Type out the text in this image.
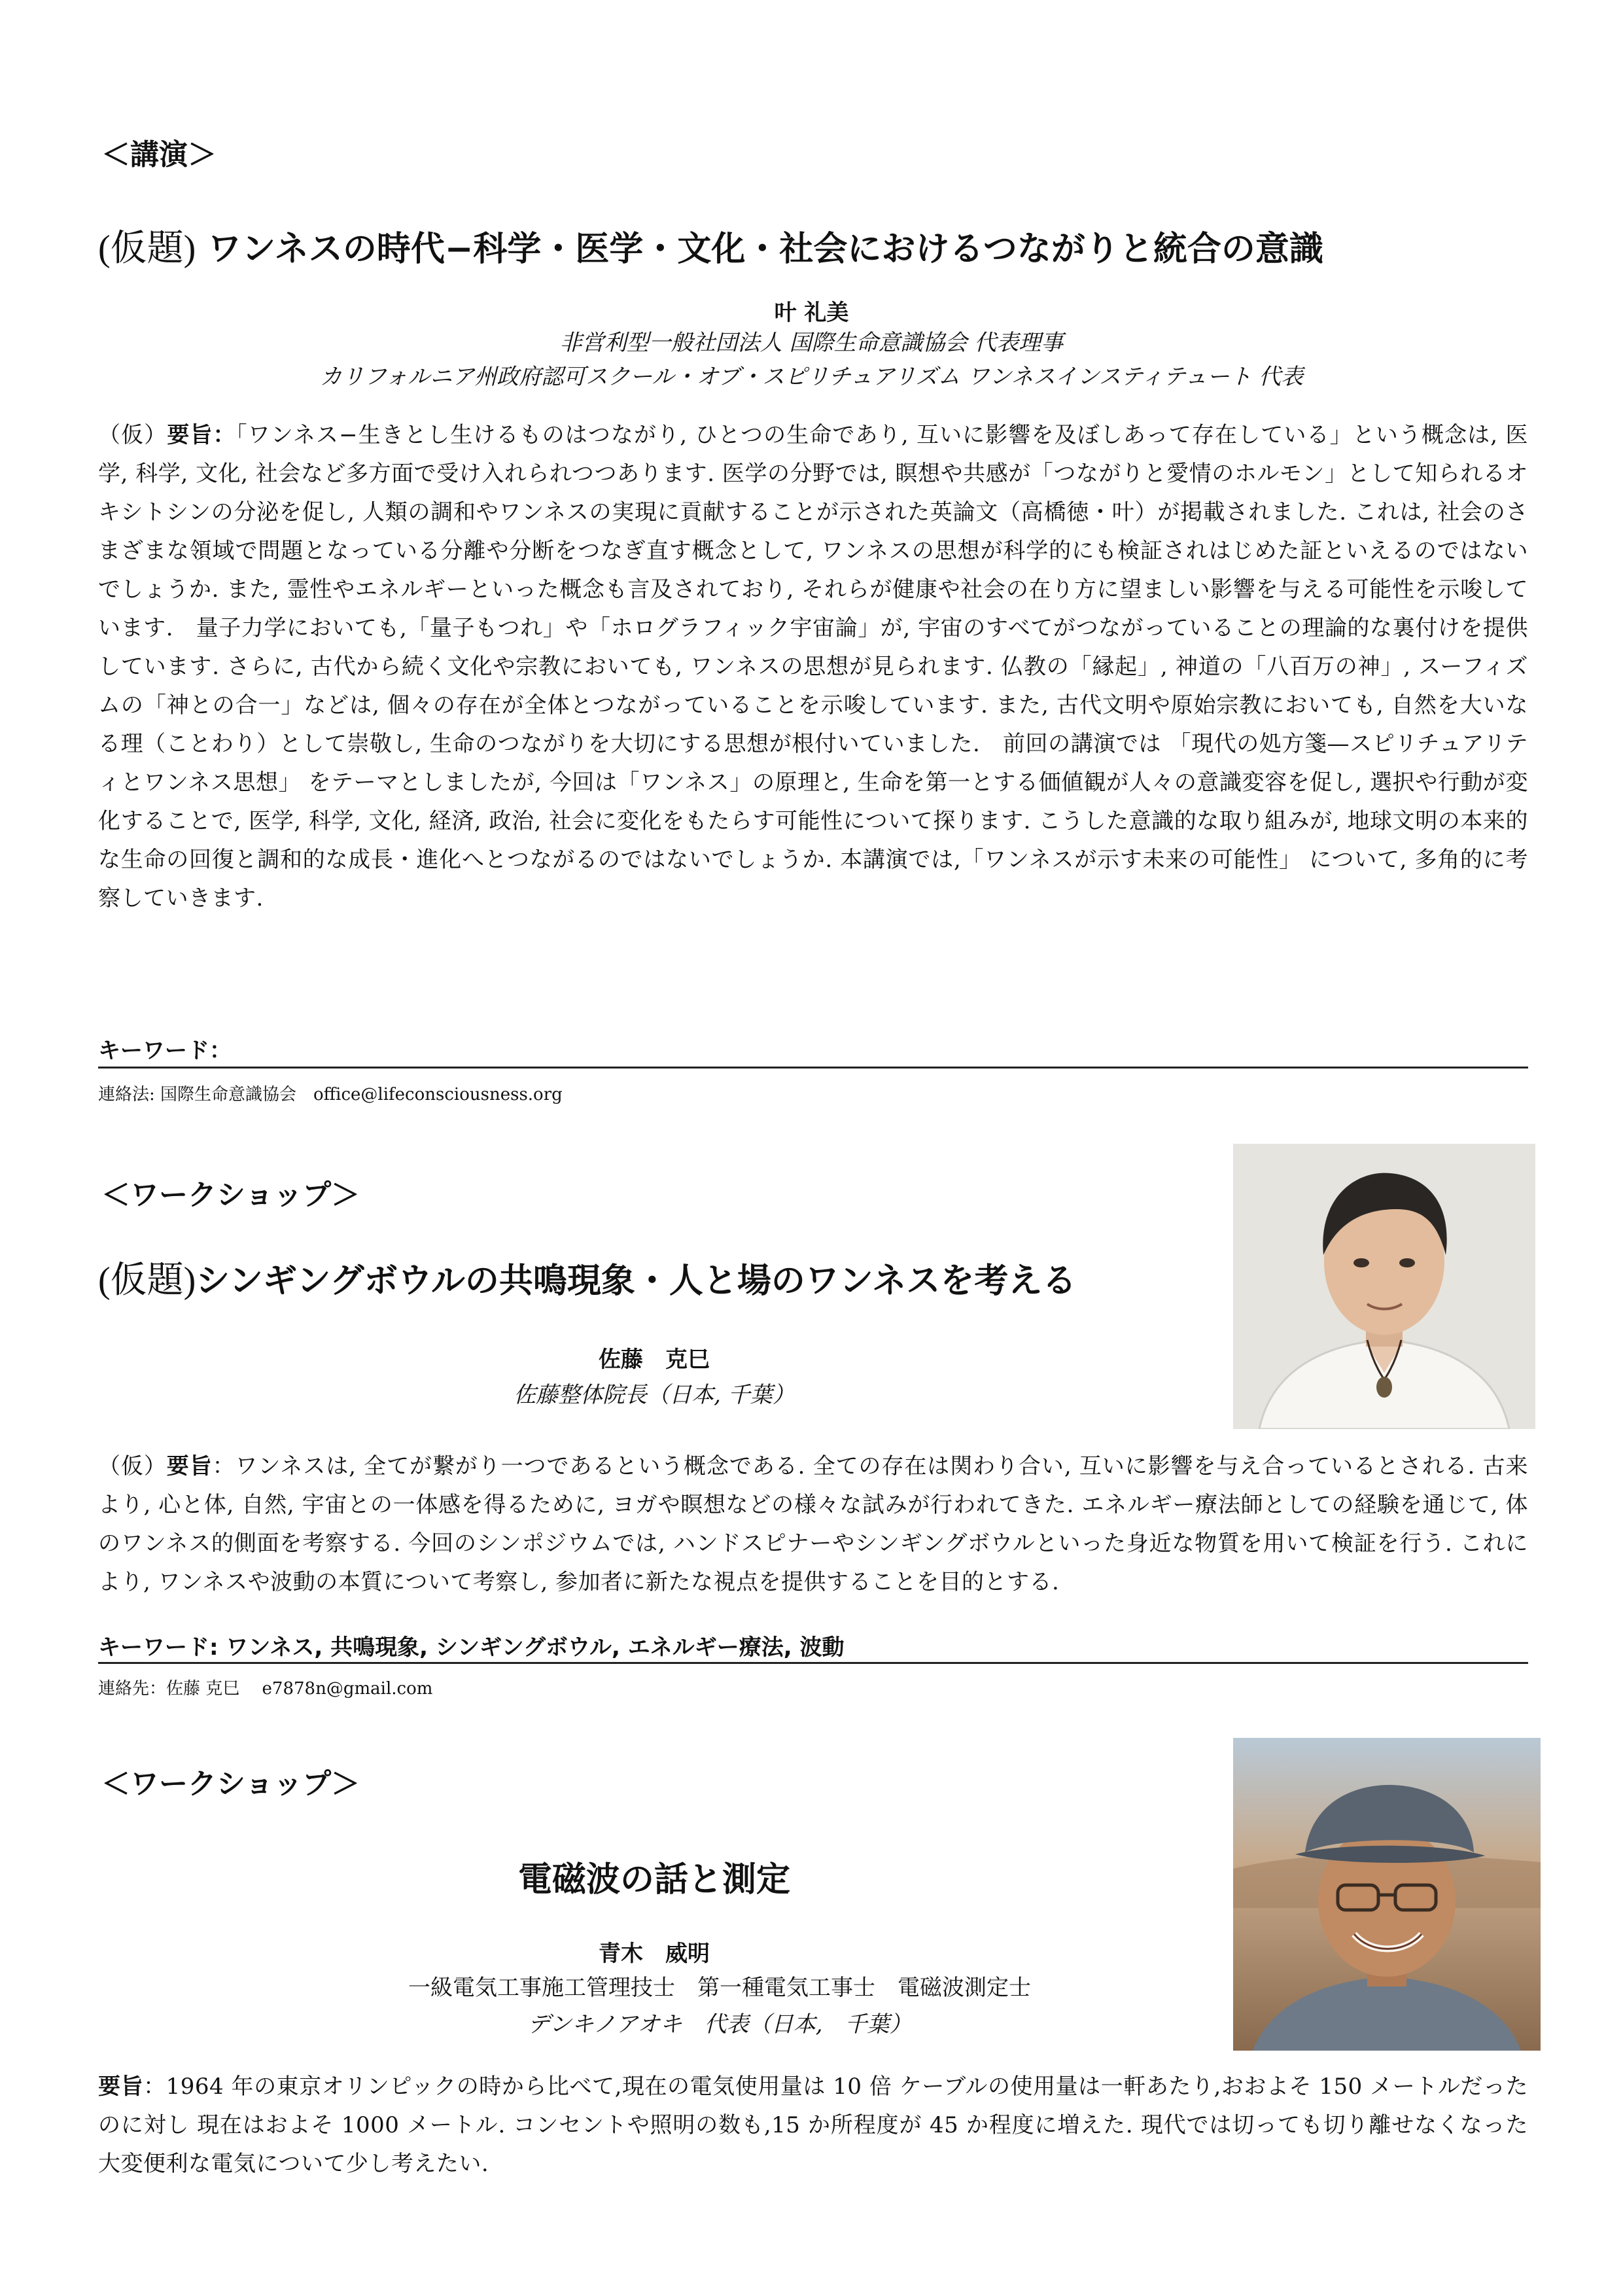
＜講演＞
(仮題) ワンネスの時代−科学・医学・文化・社会におけるつながりと統合の意識
叶 礼美
非営利型一般社団法人 国際生命意識協会 代表理事
カリフォルニア州政府認可スクール・オブ・スピリチュアリズム ワンネスインスティテュート 代表
（仮）要旨：「ワンネス−生きとし生けるものはつながり, ひとつの生命であり, 互いに影響を及ぼしあって存在している」という概念は, 医学, 科学, 文化, 社会など多方面で受け入れられつつあります. 医学の分野では, 瞑想や共感が「つながりと愛情のホルモン」として知られるオキシトシンの分泌を促し, 人類の調和やワンネスの実現に貢献することが示された英論文（高橋徳・叶）が掲載されました. これは, 社会のさまざまな領域で問題となっている分離や分断をつなぎ直す概念として, ワンネスの思想が科学的にも検証されはじめた証といえるのではないでしょうか. また, 霊性やエネルギーといった概念も言及されており, それらが健康や社会の在り方に望ましい影響を与える可能性を示唆しています.　量子力学においても,「量子もつれ」や「ホログラフィック宇宙論」が, 宇宙のすべてがつながっていることの理論的な裏付けを提供しています. さらに, 古代から続く文化や宗教においても, ワンネスの思想が見られます. 仏教の「縁起」, 神道の「八百万の神」, スーフィズムの「神との合一」などは, 個々の存在が全体とつながっていることを示唆しています. また, 古代文明や原始宗教においても, 自然を大いなる理（ことわり）として崇敬し, 生命のつながりを大切にする思想が根付いていました.　前回の講演では 「現代の処方箋—スピリチュアリティとワンネス思想」 をテーマとしましたが, 今回は「ワンネス」の原理と, 生命を第一とする価値観が人々の意識変容を促し, 選択や行動が変化することで, 医学, 科学, 文化, 経済, 政治, 社会に変化をもたらす可能性について探ります. こうした意識的な取り組みが, 地球文明の本来的な生命の回復と調和的な成長・進化へとつながるのではないでしょうか. 本講演では,「ワンネスが示す未来の可能性」 について, 多角的に考察していきます.
キーワード：
連絡法: 国際生命意識協会　office@lifeconsciousness.org
＜ワークショップ＞
(仮題)シンギングボウルの共鳴現象・人と場のワンネスを考える
佐藤　克巳
佐藤整体院長（日本, 千葉）
（仮）要旨：ワンネスは, 全てが繋がり一つであるという概念である. 全ての存在は関わり合い, 互いに影響を与え合っているとされる. 古来より, 心と体, 自然, 宇宙との一体感を得るために, ヨガや瞑想などの様々な試みが行われてきた. エネルギー療法師としての経験を通じて, 体のワンネス的側面を考察する. 今回のシンポジウムでは, ハンドスピナーやシンギングボウルといった身近な物質を用いて検証を行う. これにより, ワンネスや波動の本質について考察し, 参加者に新たな視点を提供することを目的とする.
キーワード: ワンネス, 共鳴現象, シンギングボウル, エネルギー療法, 波動
連絡先：佐藤 克巳　 e7878n@gmail.com
＜ワークショップ＞
電磁波の話と測定
青木　威明
一級電気工事施工管理技士　第一種電気工事士　電磁波測定士
デンキノアオキ　代表（日本,　千葉）
要旨：1964 年の東京オリンピックの時から比べて,現在の電気使用量は 10 倍 ケーブルの使用量は一軒あたり,おおよそ 150 メートルだったのに対し 現在はおよそ 1000 メートル. コンセントや照明の数も,15 か所程度が 45 か程度に増えた. 現代では切っても切り離せなくなった大変便利な電気について少し考えたい.
